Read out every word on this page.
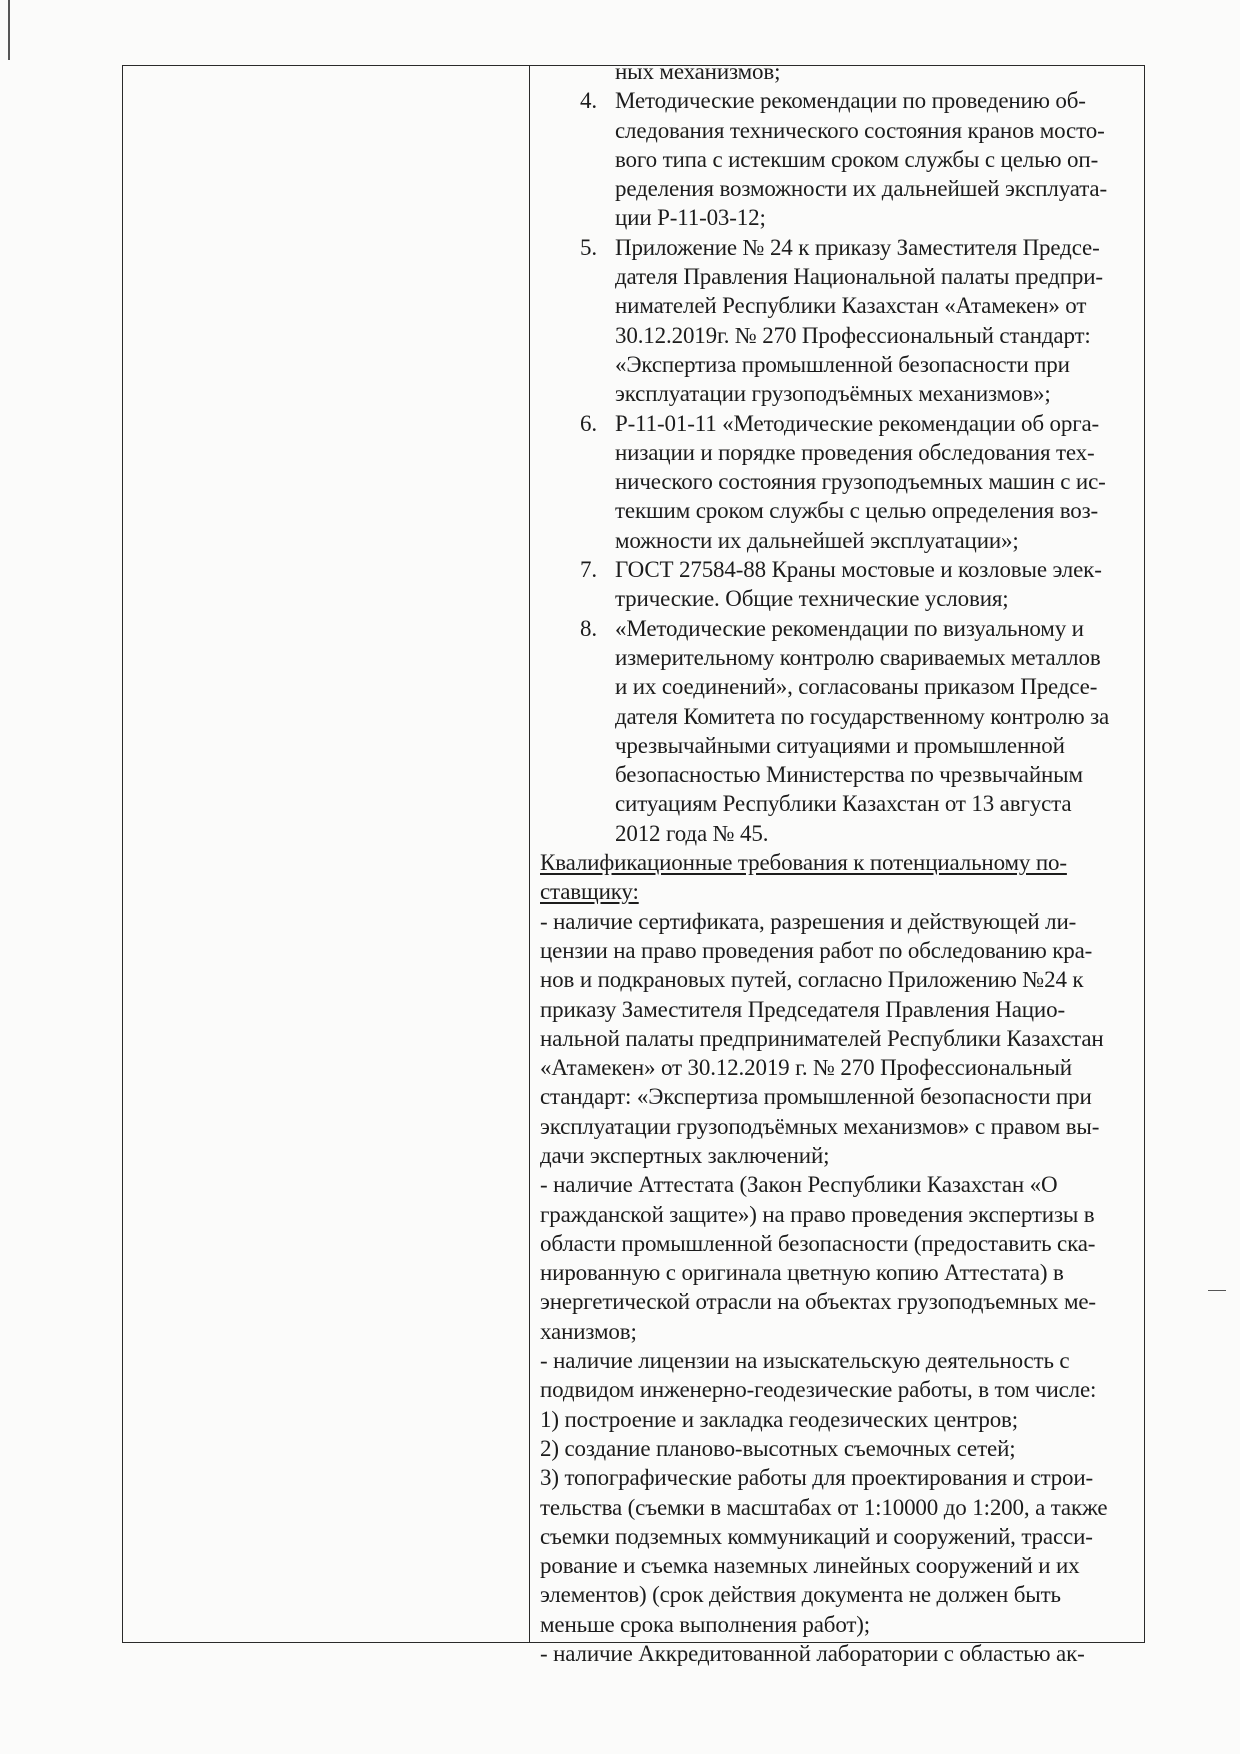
ных механизмов;
4. Методические рекомендации по проведению об-
следования технического состояния кранов мосто-
вого типа с истекшим сроком службы с целью оп-
ределения возможности их дальнейшей эксплуата-
ции Р-11-03-12;
5. Приложение № 24 к приказу Заместителя Предсе-
дателя Правления Национальной палаты предпри-
нимателей Республики Казахстан «Атамекен» от
30.12.2019г. № 270 Профессиональный стандарт:
«Экспертиза промышленной безопасности при
эксплуатации грузоподъёмных механизмов»;
6. Р-11-01-11 «Методические рекомендации об орга-
низации и порядке проведения обследования тех-
нического состояния грузоподъемных машин с ис-
текшим сроком службы с целью определения воз-
можности их дальнейшей эксплуатации»;
7. ГОСТ 27584-88 Краны мостовые и козловые элек-
трические. Общие технические условия;
8. «Методические рекомендации по визуальному и
измерительному контролю свариваемых металлов
и их соединений», согласованы приказом Предсе-
дателя Комитета по государственному контролю за
чрезвычайными ситуациями и промышленной
безопасностью Министерства по чрезвычайным
ситуациям Республики Казахстан от 13 августа
2012 года № 45.
Квалификационные требования к потенциальному по-
ставщику:
- наличие сертификата, разрешения и действующей ли-
цензии на право проведения работ по обследованию кра-
нов и подкрановых путей, согласно Приложению №24 к
приказу Заместителя Председателя Правления Нацио-
нальной палаты предпринимателей Республики Казахстан
«Атамекен» от 30.12.2019 г. № 270 Профессиональный
стандарт: «Экспертиза промышленной безопасности при
эксплуатации грузоподъёмных механизмов» с правом вы-
дачи экспертных заключений;
- наличие Аттестата (Закон Республики Казахстан «О
гражданской защите») на право проведения экспертизы в
области промышленной безопасности (предоставить ска-
нированную с оригинала цветную копию Аттестата) в
энергетической отрасли на объектах грузоподъемных ме-
ханизмов;
- наличие лицензии на изыскательскую деятельность с
подвидом инженерно-геодезические работы, в том числе:
1) построение и закладка геодезических центров;
2) создание планово-высотных съемочных сетей;
3) топографические работы для проектирования и строи-
тельства (съемки в масштабах от 1:10000 до 1:200, а также
съемки подземных коммуникаций и сооружений, трасси-
рование и съемка наземных линейных сооружений и их
элементов) (срок действия документа не должен быть
меньше срока выполнения работ);
- наличие Аккредитованной лаборатории с областью ак-
